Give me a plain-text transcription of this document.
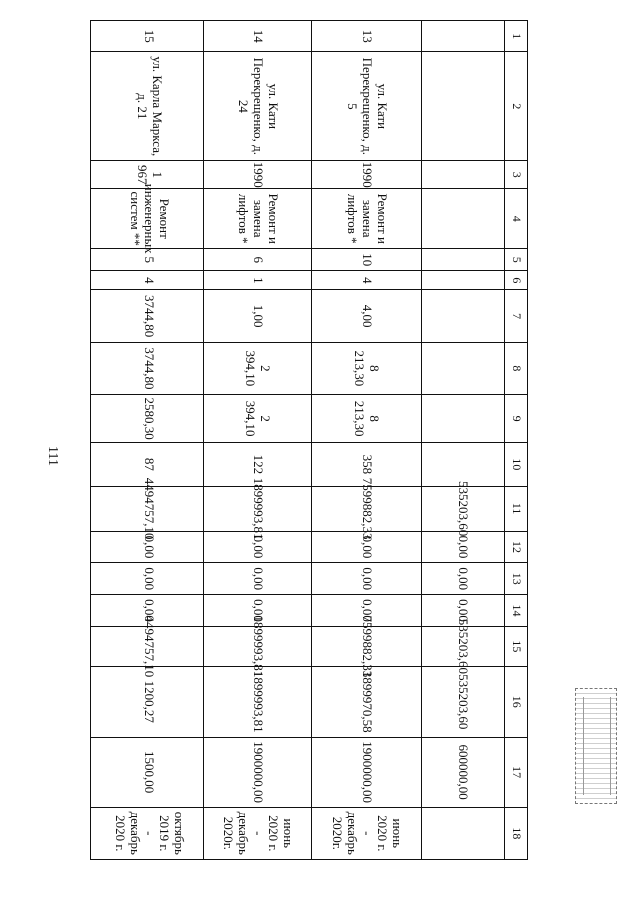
111
1
13
14
15
2
ул. Кати
Перекрещенко, д. 5
ул. Кати
Перекрещенко, д.
24
ул. Карла Маркса,
д. 21
3
1990
1990
1 967
4
Ремонт и замена
лифтов *
Ремонт и замена
лифтов *
Ремонт
инженерных
систем **
5
10
6
5
6
4
1
4
7
4,00
1,00
3744,80
8
8 213,30
2 394,10
3744,80
9
8 213,30
2 394,10
2580,30
10
358
122
87
11
535203,60
7599882,33
1899993,81
4494757,10
12
0,00
0,00
0,00
0,00
13
0,00
0,00
0,00
0,00
14
0,00
0,00
0,00
0,00
15
535203,60
7599882,33
1899993,81
4494757,10
16
535203,60
1899970,58
1899993,81
1200,27
17
600000,00
1900000,00
1900000,00
1500,00
18
июнь 2020 г. -
декабрь 2020г.
июнь 2020 г. -
декабрь 2020г.
октябрь 2019 г. -
декабрь 2020 г.
